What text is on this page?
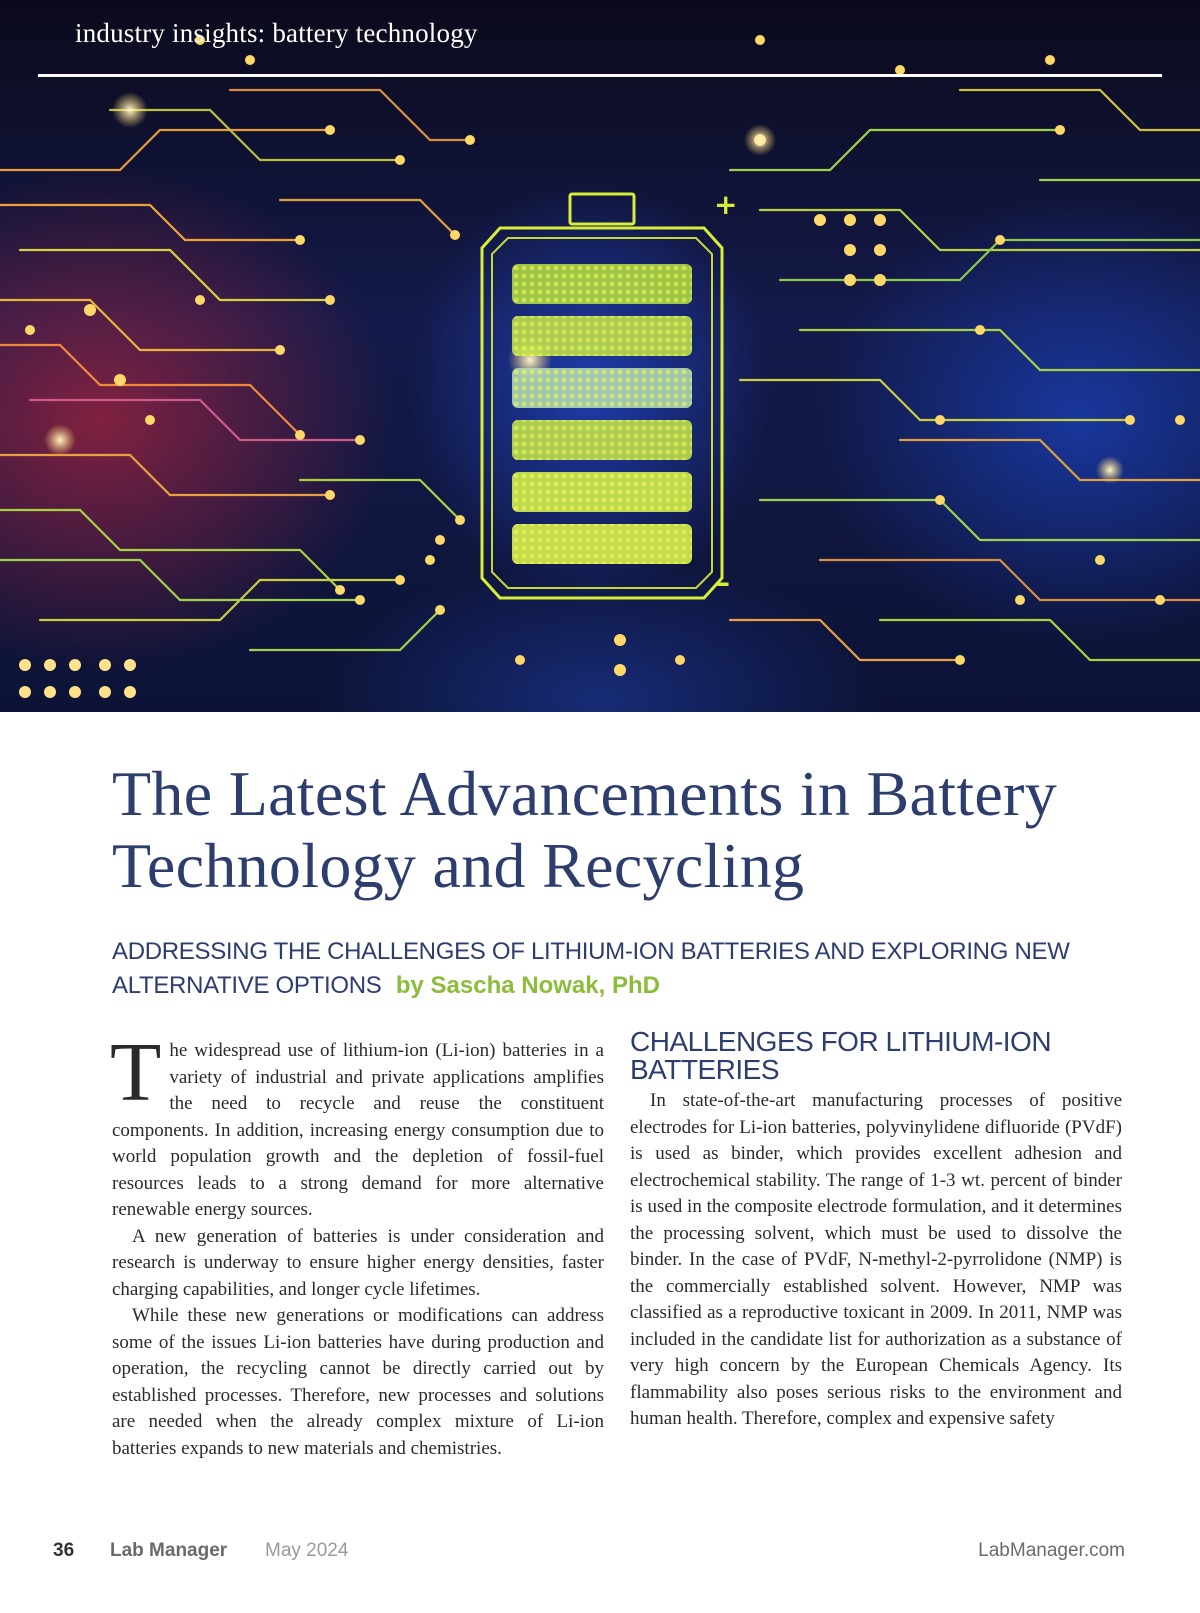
+
–
industry insights: battery technology
The Latest Advancements in Battery Technology and Recycling

ADDRESSING THE CHALLENGES OF LITHIUM-ION BATTERIES AND EXPLORING NEW ALTERNATIVE OPTIONS by Sascha Nowak, PhD

The widespread use of lithium-ion (Li-ion) batteries in a variety of industrial and private applications amplifies the need to recycle and reuse the constituent components. In addition, increasing energy consumption due to world population growth and the depletion of fossil-fuel resources leads to a strong demand for more alternative renewable energy sources.

A new generation of batteries is under consideration and research is underway to ensure higher energy densities, faster charging capabilities, and longer cycle lifetimes.

While these new generations or modifications can address some of the issues Li-ion batteries have during production and operation, the recycling cannot be directly carried out by established processes. Therefore, new processes and solutions are needed when the already complex mixture of Li-ion batteries expands to new materials and chemistries.

CHALLENGES FOR LITHIUM-ION BATTERIES

In state-of-the-art manufacturing processes of positive electrodes for Li-ion batteries, polyvinylidene difluoride (PVdF) is used as binder, which provides excellent adhesion and electrochemical stability. The range of 1-3 wt. percent of binder is used in the composite electrode formulation, and it determines the processing solvent, which must be used to dissolve the binder. In the case of PVdF, N-methyl-2-pyrrolidone (NMP) is the commercially established solvent. However, NMP was classified as a reproductive toxicant in 2009. In 2011, NMP was included in the candidate list for authorization as a substance of very high concern by the European Chemicals Agency. Its flammability also poses serious risks to the environment and human health. Therefore, complex and expensive safety

36 Lab Manager May 2024	LabManager.com
